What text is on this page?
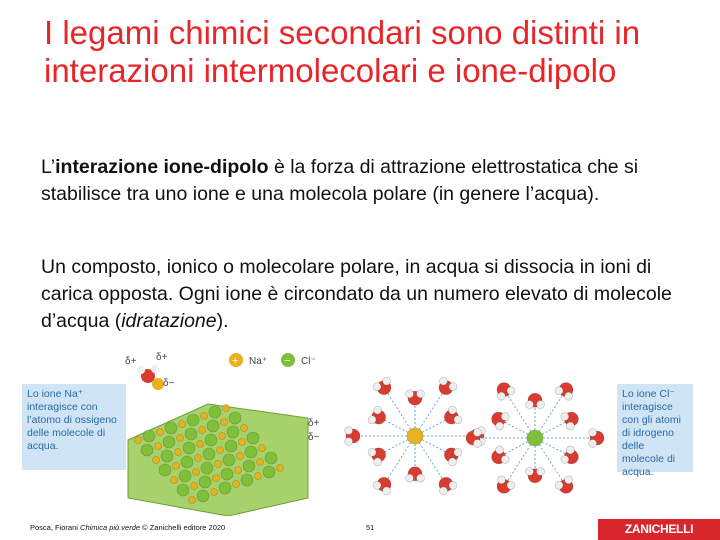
I legami chimici secondari sono distinti in interazioni intermolecolari e ione-dipolo

L’interazione ione-dipolo è la forza di attrazione elettrostatica che si stabilisce tra uno ione e una molecola polare (in genere l’acqua).

Un composto, ionico o molecolare polare, in acqua si dissocia in ioni di carica opposta. Ogni ione è circondato da un numero elevato di molecole d’acqua (idratazione).

δ+ δ+
δ−
δ+
δ−
+ Na⁺ − Cl⁻
Lo ione Na⁺ interagisce con l’atomo di ossigeno delle molecole di acqua.
Lo ione Cl⁻ interagisce con gli atomi di idrogeno delle molecole di acqua.
Posca, Fiorani Chimica più.verde © Zanichelli editore 2020	51	ZANICHELLI
